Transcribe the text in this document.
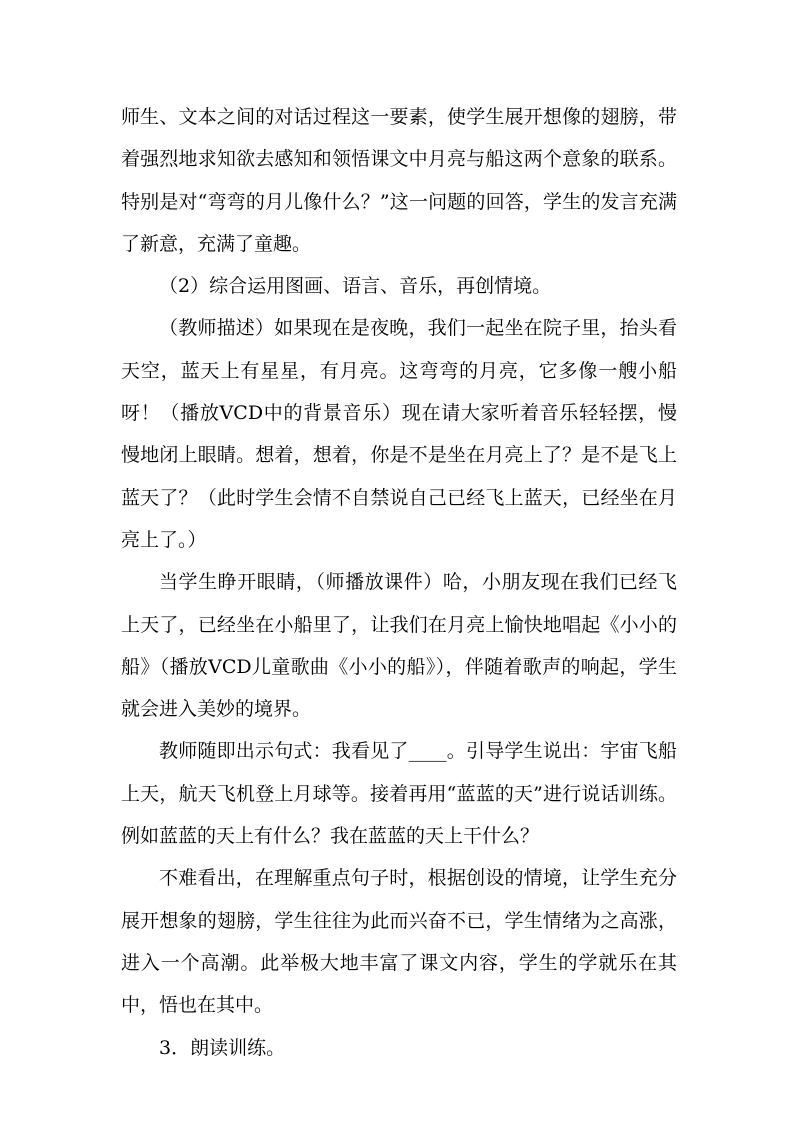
师生、文本之间的对话过程这一要素，使学生展开想像的翅膀，带着强烈地求知欲去感知和领悟课文中月亮与船这两个意象的联系。特别是对“弯弯的月儿像什么？”这一问题的回答，学生的发言充满了新意，充满了童趣。

（2）综合运用图画、语言、音乐，再创情境。

（教师描述）如果现在是夜晚，我们一起坐在院子里，抬头看天空，蓝天上有星星，有月亮。这弯弯的月亮，它多像一艘小船呀！（播放VCD中的背景音乐）现在请大家听着音乐轻轻摆，慢慢地闭上眼睛。想着，想着，你是不是坐在月亮上了？是不是飞上蓝天了？（此时学生会情不自禁说自己已经飞上蓝天，已经坐在月亮上了。）

当学生睁开眼睛，（师播放课件）哈，小朋友现在我们已经飞上天了，已经坐在小船里了，让我们在月亮上愉快地唱起《小小的船》（播放VCD儿童歌曲《小小的船》），伴随着歌声的响起，学生就会进入美妙的境界。

教师随即出示句式：我看见了____。引导学生说出：宇宙飞船上天，航天飞机登上月球等。接着再用“蓝蓝的天”进行说话训练。例如蓝蓝的天上有什么？我在蓝蓝的天上干什么？

不难看出，在理解重点句子时，根据创设的情境，让学生充分展开想象的翅膀，学生往往为此而兴奋不已，学生情绪为之高涨，进入一个高潮。此举极大地丰富了课文内容，学生的学就乐在其中，悟也在其中。

3．朗读训练。
